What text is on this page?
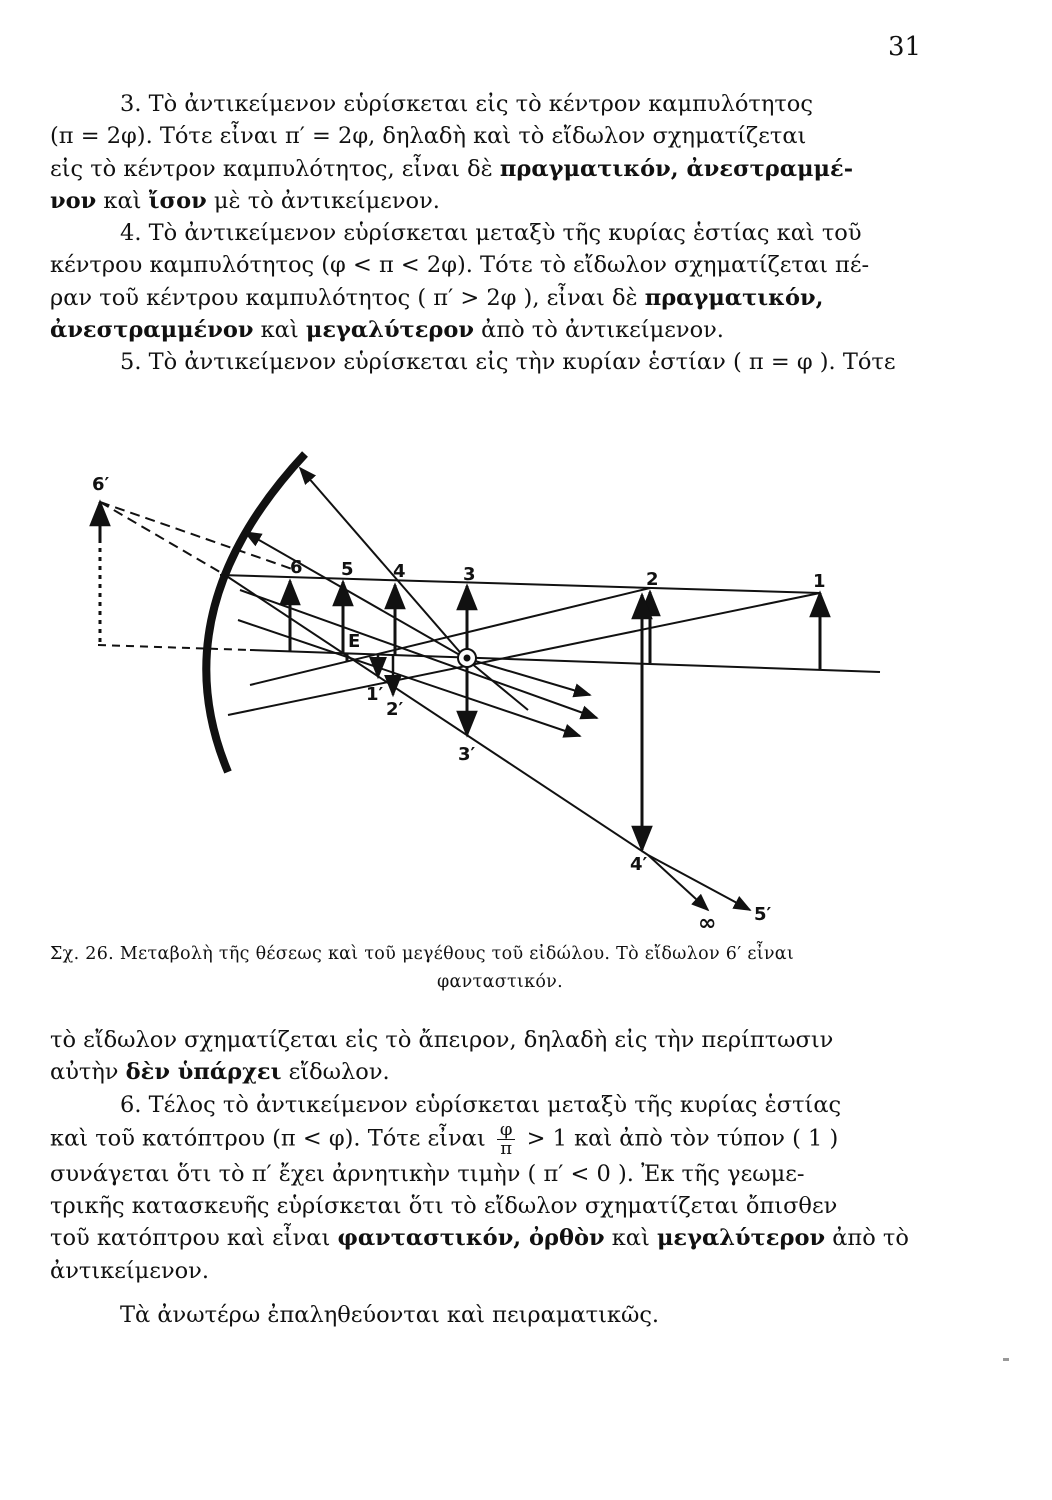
31
3. Τὸ ἀντικείμενον εὑρίσκεται εἰς τὸ κέντρον καμπυλότητος
(π = 2φ). Τότε εἶναι π′ = 2φ, δηλαδὴ καὶ τὸ εἴδωλον σχηματίζεται
εἰς τὸ κέντρον καμπυλότητος, εἶναι δὲ πραγματικόν, ἀνεστραμμέ-
νον καὶ ἴσον μὲ τὸ ἀντικείμενον.
4. Τὸ ἀντικείμενον εὑρίσκεται μεταξὺ τῆς κυρίας ἑστίας καὶ τοῦ
κέντρου καμπυλότητος (φ < π < 2φ). Τότε τὸ εἴδωλον σχηματίζεται πέ-
ραν τοῦ κέντρου καμπυλότητος ( π′ > 2φ ), εἶναι δὲ πραγματικόν,
ἀνεστραμμένον καὶ μεγαλύτερον ἀπὸ τὸ ἀντικείμενον.
5. Τὸ ἀντικείμενον εὑρίσκεται εἰς τὴν κυρίαν ἑστίαν ( π = φ ). Τότε
6′
6 5 4	3	2	1
Ε
1′
2′
3′
4′
5′
∞
Σχ. 26. Μεταβολὴ τῆς θέσεως καὶ τοῦ μεγέθους τοῦ εἰδώλου. Τὸ εἴδωλον 6′ εἶναι
φανταστικόν.
τὸ εἴδωλον σχηματίζεται εἰς τὸ ἄπειρον, δηλαδὴ εἰς τὴν περίπτωσιν
αὐτὴν δὲν ὑπάρχει εἴδωλον.
6. Τέλος τὸ ἀντικείμενον εὑρίσκεται μεταξὺ τῆς κυρίας ἑστίας
καὶ τοῦ κατόπτρου (π < φ). Τότε εἶναι $\frac{\varphi}{\pi} > 1$ καὶ ἀπὸ τὸν τύπον ( 1 )
συνάγεται ὅτι τὸ π′ ἔχει ἀρνητικὴν τιμὴν ( π′ < 0 ). Ἐκ τῆς γεωμε-
τρικῆς κατασκευῆς εὑρίσκεται ὅτι τὸ εἴδωλον σχηματίζεται ὄπισθεν
τοῦ κατόπτρου καὶ εἶναι φανταστικόν, ὀρθὸν καὶ μεγαλύτερον ἀπὸ τὸ
ἀντικείμενον.
Τὰ ἀνωτέρω ἐπαληθεύονται καὶ πειραματικῶς.
